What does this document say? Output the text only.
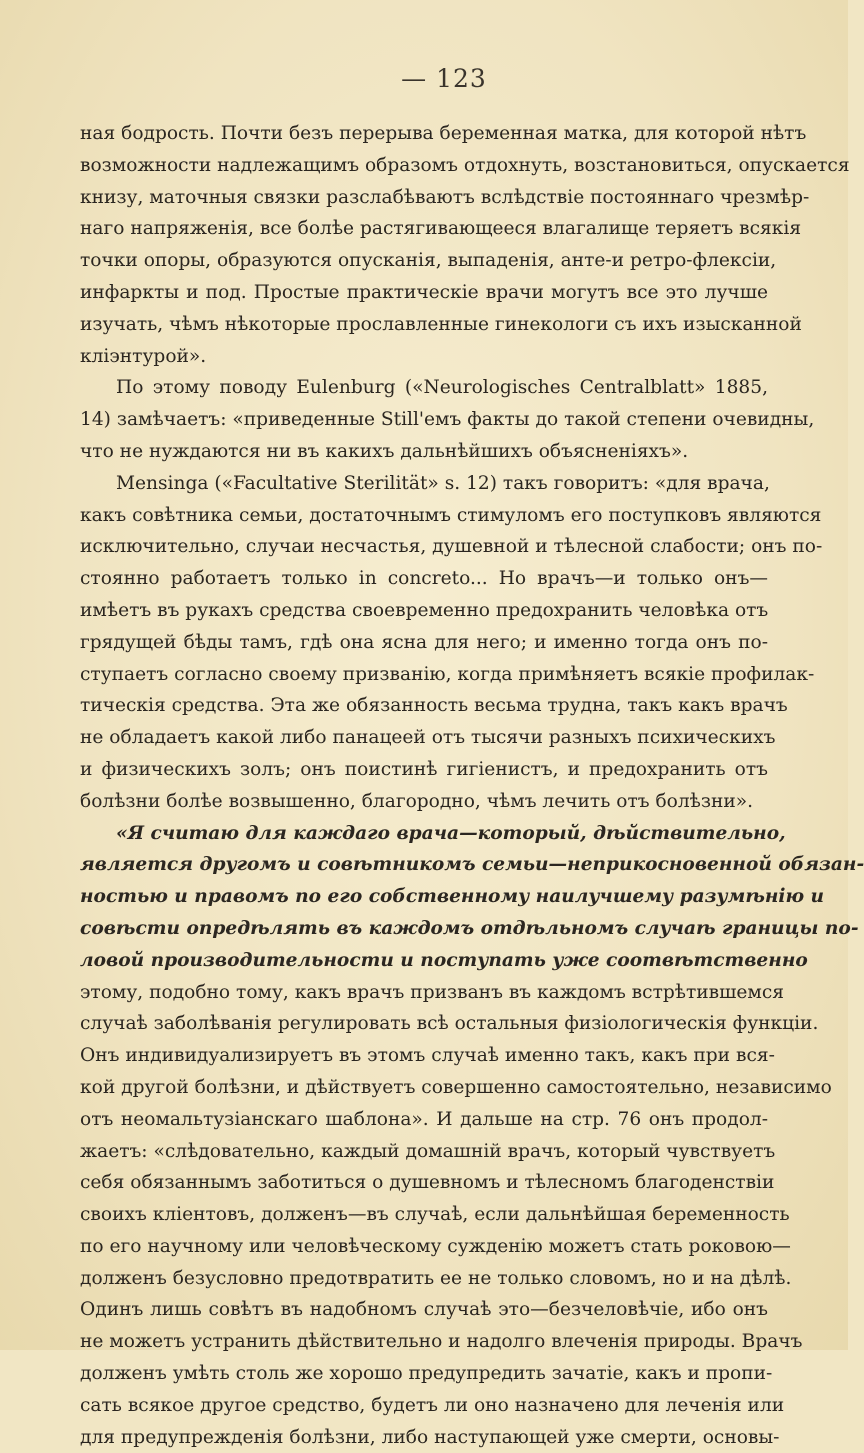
— 123
ная бодрость. Почти безъ перерыва беременная матка, для которой нѣтъ
возможности надлежащимъ образомъ отдохнуть, возстановиться, опускается
книзу, маточныя связки разслабѣваютъ вслѣдствіе постояннаго чрезмѣр-
наго напряженія, все болѣе растягивающееся влагалище теряетъ всякія
точки опоры, образуются опусканія, выпаденія, анте-и ретро-флексіи,
инфаркты и под. Простые практическіе врачи могутъ все это лучше
изучать, чѣмъ нѣкоторые прославленные гинекологи съ ихъ изысканной
кліэнтурой».
По этому поводу Eulenburg («Neurologisches Centralblatt» 1885,
14) замѣчаетъ: «приведенные Still'емъ факты до такой степени очевидны,
что не нуждаются ни въ какихъ дальнѣйшихъ объясненіяхъ».
Mensinga («Facultative Sterilität» s. 12) такъ говоритъ: «для врача,
какъ совѣтника семьи, достаточнымъ стимуломъ его поступковъ являются
исключительно, случаи несчастья, душевной и тѣлесной слабости; онъ по-
стоянно работаетъ только in concreto... Но врачъ—и только онъ—
имѣетъ въ рукахъ средства своевременно предохранить человѣка отъ
грядущей бѣды тамъ, гдѣ она ясна для него; и именно тогда онъ по-
ступаетъ согласно своему призванію, когда примѣняетъ всякіе профилак-
тическія средства. Эта же обязанность весьма трудна, такъ какъ врачъ
не обладаетъ какой либо панацеей отъ тысячи разныхъ психическихъ
и физическихъ золъ; онъ поистинѣ гигіенистъ, и предохранить отъ
болѣзни болѣе возвышенно, благородно, чѣмъ лечить отъ болѣзни».
«Я считаю для каждаго врача—который, дѣйствительно,
является другомъ и совѣтникомъ семьи—неприкосновенной обязан-
ностью и правомъ по его собственному наилучшему разумѣнію и
совѣсти опредѣлять въ каждомъ отдѣльномъ случаѣ границы по-
ловой производительности и поступать уже соотвѣтственно
этому, подобно тому, какъ врачъ призванъ въ каждомъ встрѣтившемся
случаѣ заболѣванія регулировать всѣ остальныя физіологическія функціи.
Онъ индивидуализируетъ въ этомъ случаѣ именно такъ, какъ при вся-
кой другой болѣзни, и дѣйствуетъ совершенно самостоятельно, независимо
отъ неомальтузіанскаго шаблона». И дальше на стр. 76 онъ продол-
жаетъ: «слѣдовательно, каждый домашній врачъ, который чувствуетъ
себя обязаннымъ заботиться о душевномъ и тѣлесномъ благоденствіи
своихъ кліентовъ, долженъ—въ случаѣ, если дальнѣйшая беременность
по его научному или человѣческому сужденію можетъ стать роковою—
долженъ безусловно предотвратить ее не только словомъ, но и на дѣлѣ.
Одинъ лишь совѣтъ въ надобномъ случаѣ это—безчеловѣчіе, ибо онъ
не можетъ устранить дѣйствительно и надолго влеченія природы. Врачъ
долженъ умѣть столь же хорошо предупредить зачатіе, какъ и пропи-
сать всякое другое средство, будетъ ли оно назначено для леченія или
для предупрежденія болѣзни, либо наступающей уже смерти, основы-
